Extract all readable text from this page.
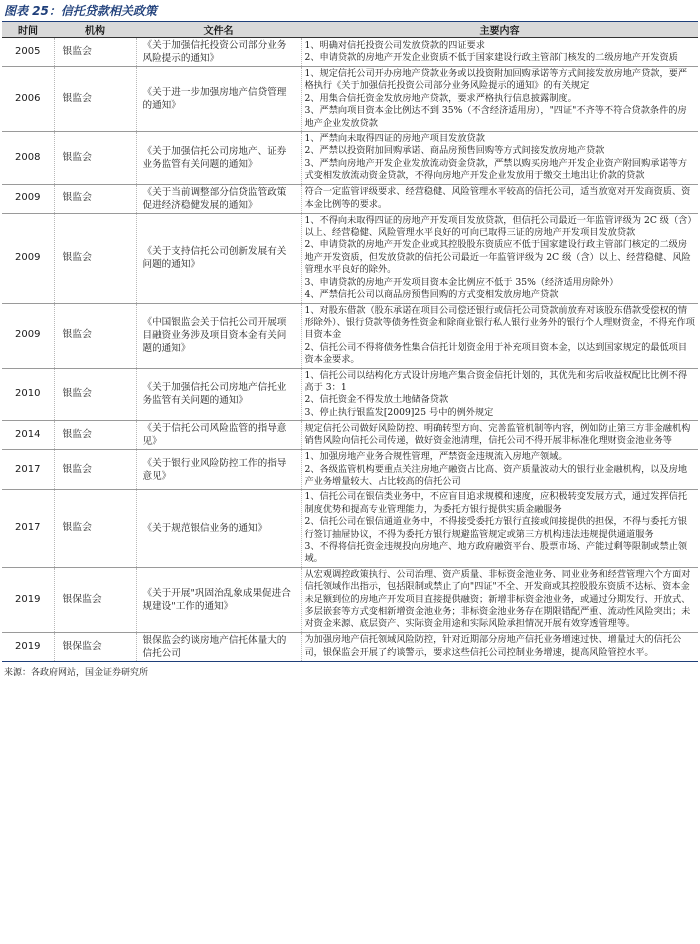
图表 25：信托贷款相关政策
时间	机构	文件名	主要内容
2005	银监会	《关于加强信托投资公司部分业务风险提示的通知》	1、明确对信托投资公司发放贷款的四证要求
2、申请贷款的房地产开发企业资质不低于国家建设行政主管部门核发的二级房地产开发资质

2006	银监会	《关于进一步加强房地产信贷管理的通知》	1、规定信托公司开办房地产贷款业务或以投资附加回购承诺等方式间接发放房地产贷款，要严格执行《关于加强信托投资公司部分业务风险提示的通知》的有关规定
2、用集合信托资金发放房地产贷款，要求严格执行信息披露制度。
3、严禁向项目资本金比例达不到 35%（不含经济适用房），"四证"不齐等不符合贷款条件的房地产企业发放贷款

2008	银监会	《关于加强信托公司房地产、证券业务监管有关问题的通知》	1、严禁向未取得四证的房地产项目发放贷款
2、严禁以投资附加回购承诺、商品房预售回购等方式间接发放房地产贷款
3、严禁向房地产开发企业发放流动资金贷款，严禁以购买房地产开发企业资产附回购承诺等方式变相发放流动资金贷款，不得向房地产开发企业发放用于缴交土地出让价款的贷款

2009	银监会	《关于当前调整部分信贷监管政策促进经济稳健发展的通知》	符合一定监管评级要求、经营稳健、风险管理水平较高的信托公司，适当放宽对开发商资质、资本金比例等的要求。

2009	银监会	《关于支持信托公司创新发展有关问题的通知》	1、不得向未取得四证的房地产开发项目发放贷款，但信托公司最近一年监管评级为 2C 级（含）以上、经营稳健、风险管理水平良好的可向已取得三证的房地产开发项目发放贷款
2、申请贷款的房地产开发企业或其控股股东资质应不低于国家建设行政主管部门核定的二级房地产开发资质，但发放贷款的信托公司最近一年监管评级为 2C 级（含）以上、经营稳健、风险管理水平良好的除外。
3、申请贷款的房地产开发项目资本金比例应不低于 35%（经济适用房除外）
4、严禁信托公司以商品房预售回购的方式变相发放房地产贷款

2009	银监会	《中国银监会关于信托公司开展项目融资业务涉及项目资本金有关问题的通知》	1、对股东借款（股东承诺在项目公司偿还银行或信托公司贷款前放弃对该股东借款受偿权的情形除外）、银行贷款等债务性资金和除商业银行私人银行业务外的银行个人理财资金，不得充作项目资本金
2、信托公司不得将债务性集合信托计划资金用于补充项目资本金，以达到国家规定的最低项目资本金要求。

2010	银监会	《关于加强信托公司房地产信托业务监管有关问题的通知》	1、信托公司以结构化方式设计房地产集合资金信托计划的，其优先和劣后收益权配比比例不得高于 3：1
2、信托资金不得发放土地储备贷款
3、停止执行银监发[2009]25 号中的例外规定

2014	银监会	《关于信托公司风险监管的指导意见》	规定信托公司做好风险防控、明确转型方向、完善监管机制等内容，例如防止第三方非金融机构销售风险向信托公司传递，做好资金池清理，信托公司不得开展非标准化理财资金池业务等

2017	银监会	《关于银行业风险防控工作的指导意见》	1、加强房地产业务合规性管理，严禁资金违规流入房地产领域。
2、各级监管机构要重点关注房地产融资占比高、资产质量波动大的银行业金融机构，以及房地产业务增量较大、占比较高的信托公司

2017	银监会	《关于规范银信业务的通知》	1、信托公司在银信类业务中，不应盲目追求规模和速度，应积极转变发展方式，通过发挥信托制度优势和提高专业管理能力，为委托方银行提供实质金融服务
2、信托公司在银信通道业务中，不得接受委托方银行直接或间接提供的担保，不得与委托方银行签订抽屉协议，不得为委托方银行规避监管规定或第三方机构违法违规提供通道服务
3、不得将信托资金违规投向房地产、地方政府融资平台、股票市场、产能过剩等限制或禁止领域。

2019	银保监会	《关于开展"巩固治乱象成果促进合规建设"工作的通知》	从宏观调控政策执行、公司治理、资产质量、非标资金池业务、同业业务和经营管理六个方面对信托领域作出指示，包括限制或禁止了向"四证"不全、开发商或其控股股东资质不达标、资本金未足额到位的房地产开发项目直接提供融资；新增非标资金池业务，或通过分期发行、开放式、多层嵌套等方式变相新增资金池业务；非标资金池业务存在期限错配严重、流动性风险突出；未对资金来源、底层资产、实际资金用途和实际风险承担情况开展有效穿透管理等。

2019	银保监会	银保监会约谈房地产信托体量大的信托公司	为加强房地产信托领域风险防控，针对近期部分房地产信托业务增速过快、增量过大的信托公司，银保监会开展了约谈警示，要求这些信托公司控制业务增速，提高风险管控水平。
来源：各政府网站，国金证券研究所
